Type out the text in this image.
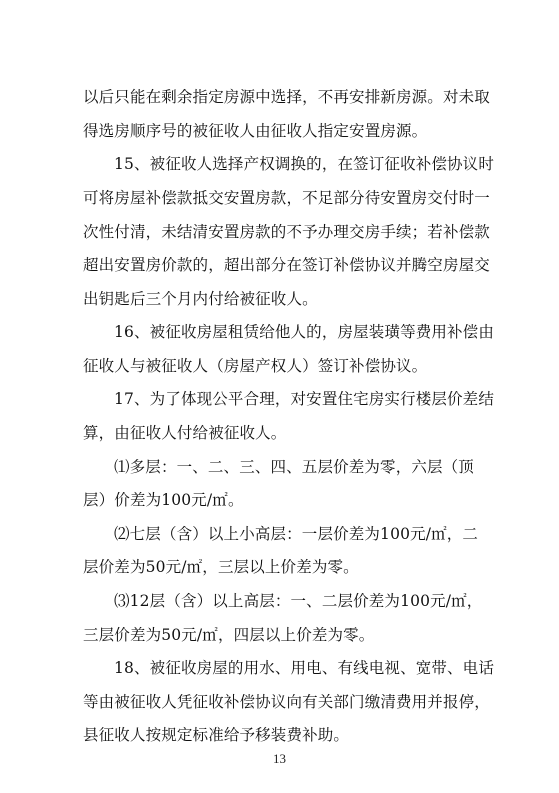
以后只能在剩余指定房源中选择，不再安排新房源。对未取
得选房顺序号的被征收人由征收人指定安置房源。
15、被征收人选择产权调换的，在签订征收补偿协议时
可将房屋补偿款抵交安置房款，不足部分待安置房交付时一
次性付清，未结清安置房款的不予办理交房手续；若补偿款
超出安置房价款的，超出部分在签订补偿协议并腾空房屋交
出钥匙后三个月内付给被征收人。
16、被征收房屋租赁给他人的，房屋装璜等费用补偿由
征收人与被征收人（房屋产权人）签订补偿协议。
17、为了体现公平合理，对安置住宅房实行楼层价差结
算，由征收人付给被征收人。
⑴多层：一、二、三、四、五层价差为零，六层（顶
层）价差为100元/㎡。
⑵七层（含）以上小高层：一层价差为100元/㎡，二
层价差为50元/㎡，三层以上价差为零。
⑶12层（含）以上高层：一、二层价差为100元/㎡，
三层价差为50元/㎡，四层以上价差为零。
18、被征收房屋的用水、用电、有线电视、宽带、电话
等由被征收人凭征收补偿协议向有关部门缴清费用并报停，
县征收人按规定标准给予移装费补助。
13
